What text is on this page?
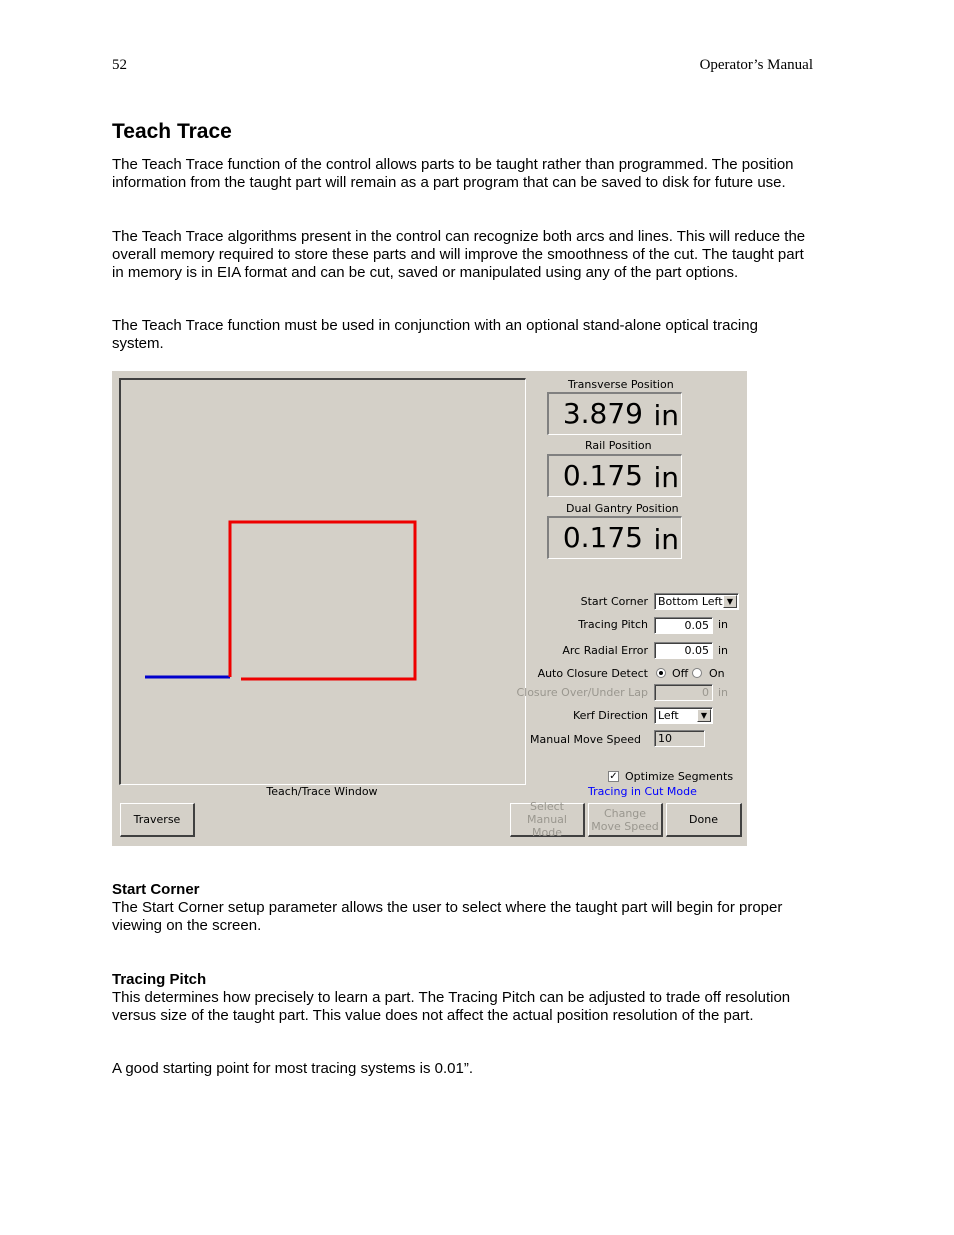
52	Operator’s Manual
Teach Trace

The Teach Trace function of the control allows parts to be taught rather than programmed. The position information from the taught part will remain as a part program that can be saved to disk for future use.

The Teach Trace algorithms present in the control can recognize both arcs and lines. This will reduce the overall memory required to store these parts and will improve the smoothness of the cut. The taught part in memory is in EIA format and can be cut, saved or manipulated using any of the part options.

The Teach Trace function must be used in conjunction with an optional stand-alone optical tracing system.

Teach/Trace Window
Transverse Position
3.879 in
Rail Position
0.175 in
Dual Gantry Position
0.175 in
Start Corner Bottom Left ▼
Tracing Pitch	0.05 in
Arc Radial Error	0.05 in
Auto Closure Detect Off On
Closure Over/Under Lap	0 in
Kerf Direction Left	▼
Manual Move Speed 10
✓ Optimize Segments
Tracing in Cut Mode
Traverse
Select
Manual Mode
Change
Move Speed	Done

Start Corner

The Start Corner setup parameter allows the user to select where the taught part will begin for proper viewing on the screen.

Tracing Pitch

This determines how precisely to learn a part. The Tracing Pitch can be adjusted to trade off resolution versus size of the taught part. This value does not affect the actual position resolution of the part.

A good starting point for most tracing systems is 0.01”.
